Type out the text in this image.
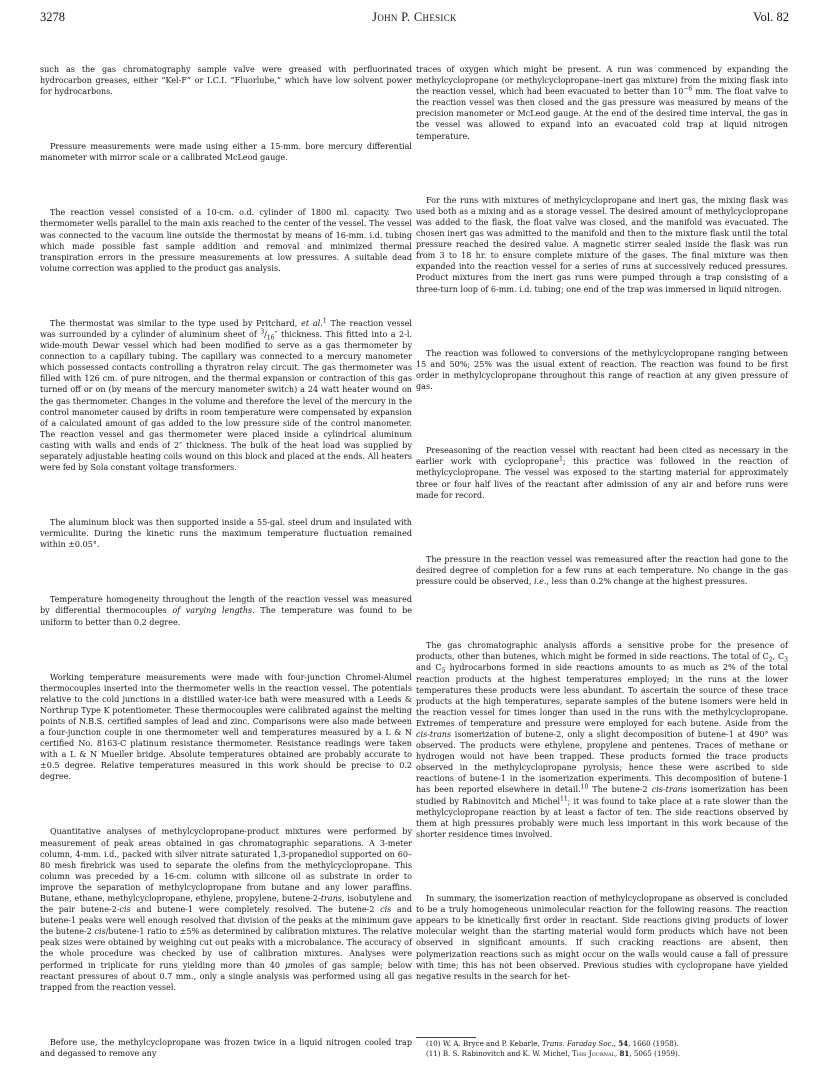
3278	John P. Chesick	Vol. 82

such as the gas chromatography sample valve were greased with perfluorinated hydrocarbon greases, either “Kel-F” or I.C.I. “Fluorlube,” which have low solvent power for hydrocarbons.

Pressure measurements were made using either a 15-mm. bore mercury differential manometer with mirror scale or a calibrated McLeod gauge.

The reaction vessel consisted of a 10-cm. o.d. cylinder of 1800 ml. capacity. Two thermometer wells parallel to the main axis reached to the center of the vessel. The vessel was connected to the vacuum line outside the thermostat by means of 16-mm. i.d. tubing which made possible fast sample addition and removal and minimized thermal transpiration errors in the pressure measurements at low pressures. A suitable dead volume correction was applied to the product gas analysis.

The thermostat was similar to the type used by Pritchard, et al.$^1$ The reaction vessel was surrounded by a cylinder of aluminum sheet of $^3/_{16}''$ thickness. This fitted into a 2-l. wide-mouth Dewar vessel which had been modified to serve as a gas thermometer by connection to a capillary tubing. The capillary was connected to a mercury manometer which possessed contacts controlling a thyratron relay circuit. The gas thermometer was filled with 126 cm. of pure nitrogen, and the thermal expansion or contraction of this gas turned off or on (by means of the mercury manometer switch) a 24 watt heater wound on the gas thermometer. Changes in the volume and therefore the level of the mercury in the control manometer caused by drifts in room temperature were compensated by expansion of a calculated amount of gas added to the low pressure side of the control manometer. The reaction vessel and gas thermometer were placed inside a cylindrical aluminum casting with walls and ends of 2″ thickness. The bulk of the heat load was supplied by separately adjustable heating coils wound on this block and placed at the ends. All heaters were fed by Sola constant voltage transformers.

The aluminum block was then supported inside a 55-gal. steel drum and insulated with vermiculite. During the kinetic runs the maximum temperature fluctuation remained within ±0.05°.

Temperature homogeneity throughout the length of the reaction vessel was measured by differential thermocouples of varying lengths. The temperature was found to be uniform to better than 0.2 degree.

Working temperature measurements were made with four-junction Chromel-Alumel thermocouples inserted into the thermometer wells in the reaction vessel. The potentials relative to the cold junctions in a distilled water-ice bath were measured with a Leeds & Northrup Type K potentiometer. These thermocouples were calibrated against the melting points of N.B.S. certified samples of lead and zinc. Comparisons were also made between a four-junction couple in one thermometer well and temperatures measured by a L & N certified No. 8163-C platinum resistance thermometer. Resistance readings were taken with a L & N Mueller bridge. Absolute temperatures obtained are probably accurate to ±0.5 degree. Relative temperatures measured in this work should be precise to 0.2 degree.

Quantitative analyses of methylcyclopropane-product mixtures were performed by measurement of peak areas obtained in gas chromatographic separations. A 3-meter column, 4-mm. i.d., packed with silver nitrate saturated 1,3-propanediol supported on 60–80 mesh firebrick was used to separate the olefins from the methylcyclopropane. This column was preceded by a 16-cm. column with silicone oil as substrate in order to improve the separation of methylcyclopropane from butane and any lower paraffins. Butane, ethane, methylcyclopropane, ethylene, propylene, butene-2-trans, isobutylene and the pair butene-2-cis and butene-1 were completely resolved. The butene-2 cis and butene-1 peaks were well enough resolved that division of the peaks at the minimum gave the butene-2 cis/butene-1 ratio to ±5% as determined by calibration mixtures. The relative peak sizes were obtained by weighing cut out peaks with a microbalance. The accuracy of the whole procedure was checked by use of calibration mixtures. Analyses were performed in triplicate for runs yielding more than 40 μmoles of gas sample; below reactant pressures of about 0.7 mm., only a single analysis was performed using all gas trapped from the reaction vessel.

Before use, the methylcyclopropane was frozen twice in a liquid nitrogen cooled trap and degassed to remove any

traces of oxygen which might be present. A run was commenced by expanding the methylcyclopropane (or methylcyclopropane–inert gas mixture) from the mixing flask into the reaction vessel, which had been evacuated to better than $10^{-6}$ mm. The float valve to the reaction vessel was then closed and the gas pressure was measured by means of the precision manometer or McLeod gauge. At the end of the desired time interval, the gas in the vessel was allowed to expand into an evacuated cold trap at liquid nitrogen temperature.

For the runs with mixtures of methylcyclopropane and inert gas, the mixing flask was used both as a mixing and as a storage vessel. The desired amount of methylcyclopropane was added to the flask, the float valve was closed, and the manifold was evacuated. The chosen inert gas was admitted to the manifold and then to the mixture flask until the total pressure reached the desired value. A magnetic stirrer sealed inside the flask was run from 3 to 18 hr. to ensure complete mixture of the gases. The final mixture was then expanded into the reaction vessel for a series of runs at successively reduced pressures. Product mixtures from the inert gas runs were pumped through a trap consisting of a three-turn loop of 6-mm. i.d. tubing; one end of the trap was immersed in liquid nitrogen.

The reaction was followed to conversions of the methylcyclopropane ranging between 15 and 50%; 25% was the usual extent of reaction. The reaction was found to be first order in methylcyclopropane throughout this range of reaction at any given pressure of gas.

Preseasoning of the reaction vessel with reactant had been cited as necessary in the earlier work with cyclopropane$^1$; this practice was followed in the reaction of methylcyclopropane. The vessel was exposed to the starting material for approximately three or four half lives of the reactant after admission of any air and before runs were made for record.

The pressure in the reaction vessel was remeasured after the reaction had gone to the desired degree of completion for a few runs at each temperature. No change in the gas pressure could be observed, i.e., less than 0.2% change at the highest pressures.

The gas chromatographic analysis affords a sensitive probe for the presence of products, other than butenes, which might be formed in side reactions. The total of $C_2$, $C_3$ and $C_5$ hydrocarbons formed in side reactions amounts to as much as 2% of the total reaction products at the highest temperatures employed; in the runs at the lower temperatures these products were less abundant. To ascertain the source of these trace products at the high temperatures, separate samples of the butene isomers were held in the reaction vessel for times longer than used in the runs with the methylcyclopropane. Extremes of temperature and pressure were employed for each butene. Aside from the cis-trans isomerization of butene-2, only a slight decomposition of butene-1 at 490° was observed. The products were ethylene, propylene and pentenes. Traces of methane or hydrogen would not have been trapped. These products formed the trace products observed in the methylcyclopropane pyrolysis; hence these were ascribed to side reactions of butene-1 in the isomerization experiments. This decomposition of butene-1 has been reported elsewhere in detail.$^{10}$ The butene-2 cis-trans isomerization has been studied by Rabinovitch and Michel$^{11}$; it was found to take place at a rate slower than the methylcyclopropane reaction by at least a factor of ten. The side reactions observed by them at high pressures probably were much less important in this work because of the shorter residence times involved.

In summary, the isomerization reaction of methylcyclopropane as observed is concluded to be a truly homogeneous unimolecular reaction for the following reasons. The reaction appears to be kinetically first order in reactant. Side reactions giving products of lower molecular weight than the starting material would form products which have not been observed in significant amounts. If such cracking reactions are absent, then polymerization reactions such as might occur on the walls would cause a fall of pressure with time; this has not been observed. Previous studies with cyclopropane have yielded negative results in the search for het-

(10) W. A. Bryce and P. Kebarle, Trans. Faraday Soc., 54, 1660 (1958).

(11) B. S. Rabinovitch and K. W. Michel, This Journal, 81, 5065 (1959).
